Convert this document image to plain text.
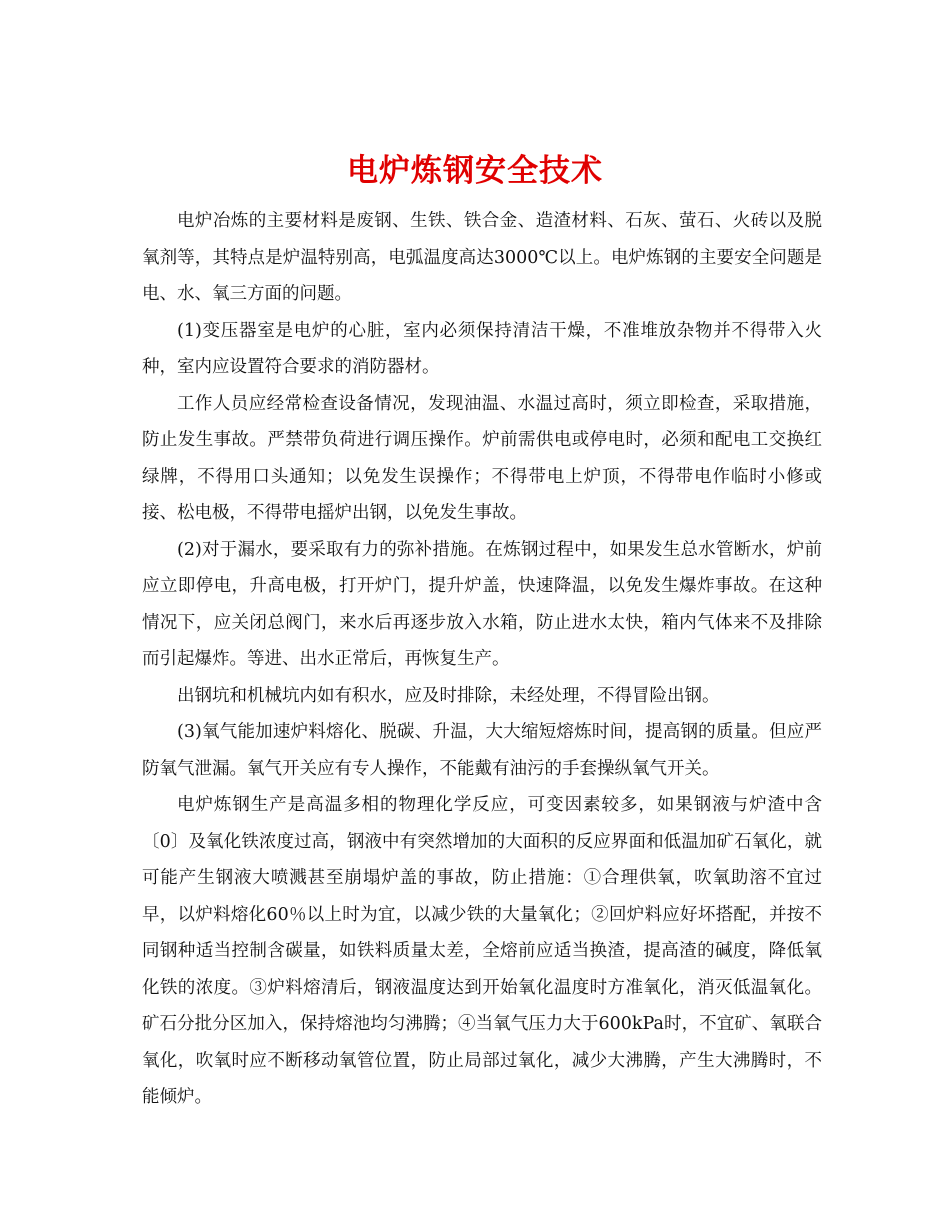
电炉炼钢安全技术

电炉冶炼的主要材料是废钢、生铁、铁合金、造渣材料、石灰、萤石、火砖以及脱氧剂等，其特点是炉温特别高，电弧温度高达3000℃以上。电炉炼钢的主要安全问题是电、水、氧三方面的问题。

(1)变压器室是电炉的心脏，室内必须保持清洁干燥，不准堆放杂物并不得带入火种，室内应设置符合要求的消防器材。

工作人员应经常检查设备情况，发现油温、水温过高时，须立即检查，采取措施，防止发生事故。严禁带负荷进行调压操作。炉前需供电或停电时，必须和配电工交换红绿牌，不得用口头通知；以免发生误操作；不得带电上炉顶，不得带电作临时小修或接、松电极，不得带电摇炉出钢，以免发生事故。

(2)对于漏水，要采取有力的弥补措施。在炼钢过程中，如果发生总水管断水，炉前应立即停电，升高电极，打开炉门，提升炉盖，快速降温，以免发生爆炸事故。在这种情况下，应关闭总阀门，来水后再逐步放入水箱，防止进水太快，箱内气体来不及排除而引起爆炸。等进、出水正常后，再恢复生产。

出钢坑和机械坑内如有积水，应及时排除，未经处理，不得冒险出钢。

(3)氧气能加速炉料熔化、脱碳、升温，大大缩短熔炼时间，提高钢的质量。但应严防氧气泄漏。氧气开关应有专人操作，不能戴有油污的手套操纵氧气开关。

电炉炼钢生产是高温多相的物理化学反应，可变因素较多，如果钢液与炉渣中含〔0〕及氧化铁浓度过高，钢液中有突然增加的大面积的反应界面和低温加矿石氧化，就可能产生钢液大喷溅甚至崩塌炉盖的事故，防止措施：①合理供氧，吹氧助溶不宜过早，以炉料熔化60％以上时为宜，以减少铁的大量氧化；②回炉料应好坏搭配，并按不同钢种适当控制含碳量，如铁料质量太差，全熔前应适当换渣，提高渣的碱度，降低氧化铁的浓度。③炉料熔清后，钢液温度达到开始氧化温度时方准氧化，消灭低温氧化。矿石分批分区加入，保持熔池均匀沸腾；④当氧气压力大于600kPa时，不宜矿、氧联合氧化，吹氧时应不断移动氧管位置，防止局部过氧化，减少大沸腾，产生大沸腾时，不能倾炉。
